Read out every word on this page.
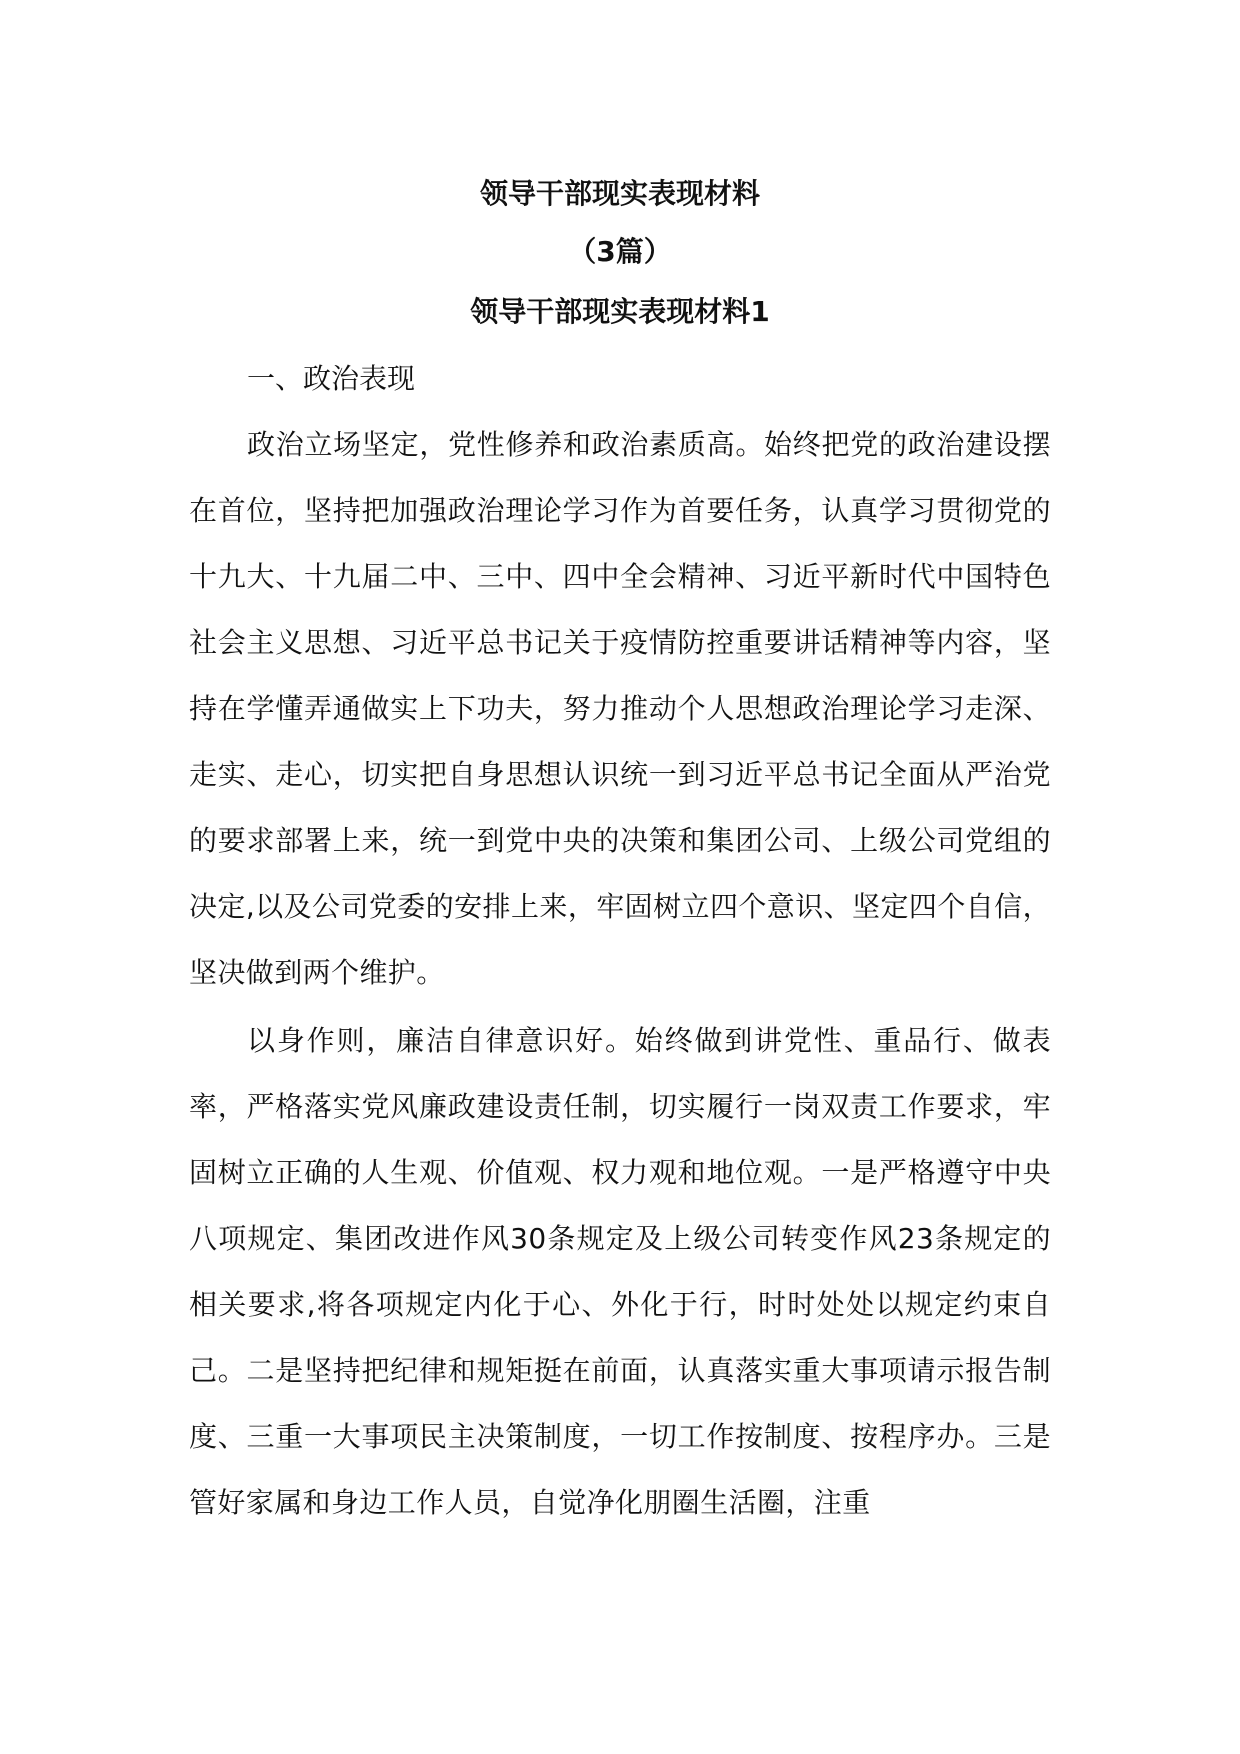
领导干部现实表现材料
（3篇）
领导干部现实表现材料1

一、政治表现

政治立场坚定，党性修养和政治素质高。始终把党的政治建设摆在首位，坚持把加强政治理论学习作为首要任务，认真学习贯彻党的十九大、十九届二中、三中、四中全会精神、习近平新时代中国特色社会主义思想、习近平总书记关于疫情防控重要讲话精神等内容，坚持在学懂弄通做实上下功夫，努力推动个人思想政治理论学习走深、走实、走心，切实把自身思想认识统一到习近平总书记全面从严治党的要求部署上来，统一到党中央的决策和集团公司、上级公司党组的决定,以及公司党委的安排上来，牢固树立四个意识、坚定四个自信，坚决做到两个维护。

以身作则，廉洁自律意识好。始终做到讲党性、重品行、做表率，严格落实党风廉政建设责任制，切实履行一岗双责工作要求，牢固树立正确的人生观、价值观、权力观和地位观。一是严格遵守中央八项规定、集团改进作风30条规定及上级公司转变作风23条规定的相关要求,将各项规定内化于心、外化于行，时时处处以规定约束自己。二是坚持把纪律和规矩挺在前面，认真落实重大事项请示报告制度、三重一大事项民主决策制度，一切工作按制度、按程序办。三是管好家属和身边工作人员，自觉净化朋圈生活圈，注重
